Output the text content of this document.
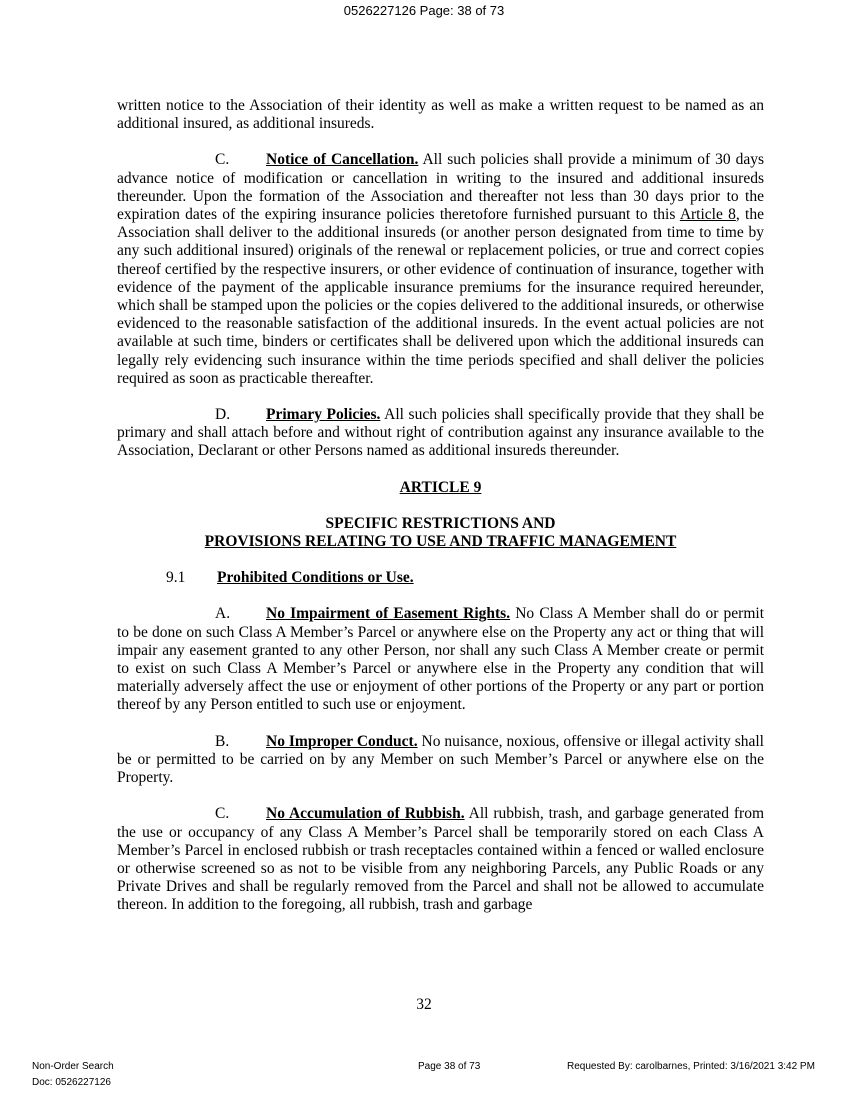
0526227126 Page: 38 of 73

written notice to the Association of their identity as well as make a written request to be named as an additional insured, as additional insureds.

C. Notice of Cancellation. All such policies shall provide a minimum of 30 days advance notice of modification or cancellation in writing to the insured and additional insureds thereunder. Upon the formation of the Association and thereafter not less than 30 days prior to the expiration dates of the expiring insurance policies theretofore furnished pursuant to this Article 8, the Association shall deliver to the additional insureds (or another person designated from time to time by any such additional insured) originals of the renewal or replacement policies, or true and correct copies thereof certified by the respective insurers, or other evidence of continuation of insurance, together with evidence of the payment of the applicable insurance premiums for the insurance required hereunder, which shall be stamped upon the policies or the copies delivered to the additional insureds, or otherwise evidenced to the reasonable satisfaction of the additional insureds. In the event actual policies are not available at such time, binders or certificates shall be delivered upon which the additional insureds can legally rely evidencing such insurance within the time periods specified and shall deliver the policies required as soon as practicable thereafter.

D. Primary Policies. All such policies shall specifically provide that they shall be primary and shall attach before and without right of contribution against any insurance available to the Association, Declarant or other Persons named as additional insureds thereunder.

ARTICLE 9

SPECIFIC RESTRICTIONS AND

PROVISIONS RELATING TO USE AND TRAFFIC MANAGEMENT

9.1 Prohibited Conditions or Use.

A. No Impairment of Easement Rights. No Class A Member shall do or permit to be done on such Class A Member’s Parcel or anywhere else on the Property any act or thing that will impair any easement granted to any other Person, nor shall any such Class A Member create or permit to exist on such Class A Member’s Parcel or anywhere else in the Property any condition that will materially adversely affect the use or enjoyment of other portions of the Property or any part or portion thereof by any Person entitled to such use or enjoyment.

B. No Improper Conduct. No nuisance, noxious, offensive or illegal activity shall be or permitted to be carried on by any Member on such Member’s Parcel or anywhere else on the Property.

C. No Accumulation of Rubbish. All rubbish, trash, and garbage generated from the use or occupancy of any Class A Member’s Parcel shall be temporarily stored on each Class A Member’s Parcel in enclosed rubbish or trash receptacles contained within a fenced or walled enclosure or otherwise screened so as not to be visible from any neighboring Parcels, any Public Roads or any Private Drives and shall be regularly removed from the Parcel and shall not be allowed to accumulate thereon. In addition to the foregoing, all rubbish, trash and garbage

32
Non-Order Search
Doc: 0526227126
Page 38 of 73	Requested By: carolbarnes, Printed: 3/16/2021 3:42 PM
